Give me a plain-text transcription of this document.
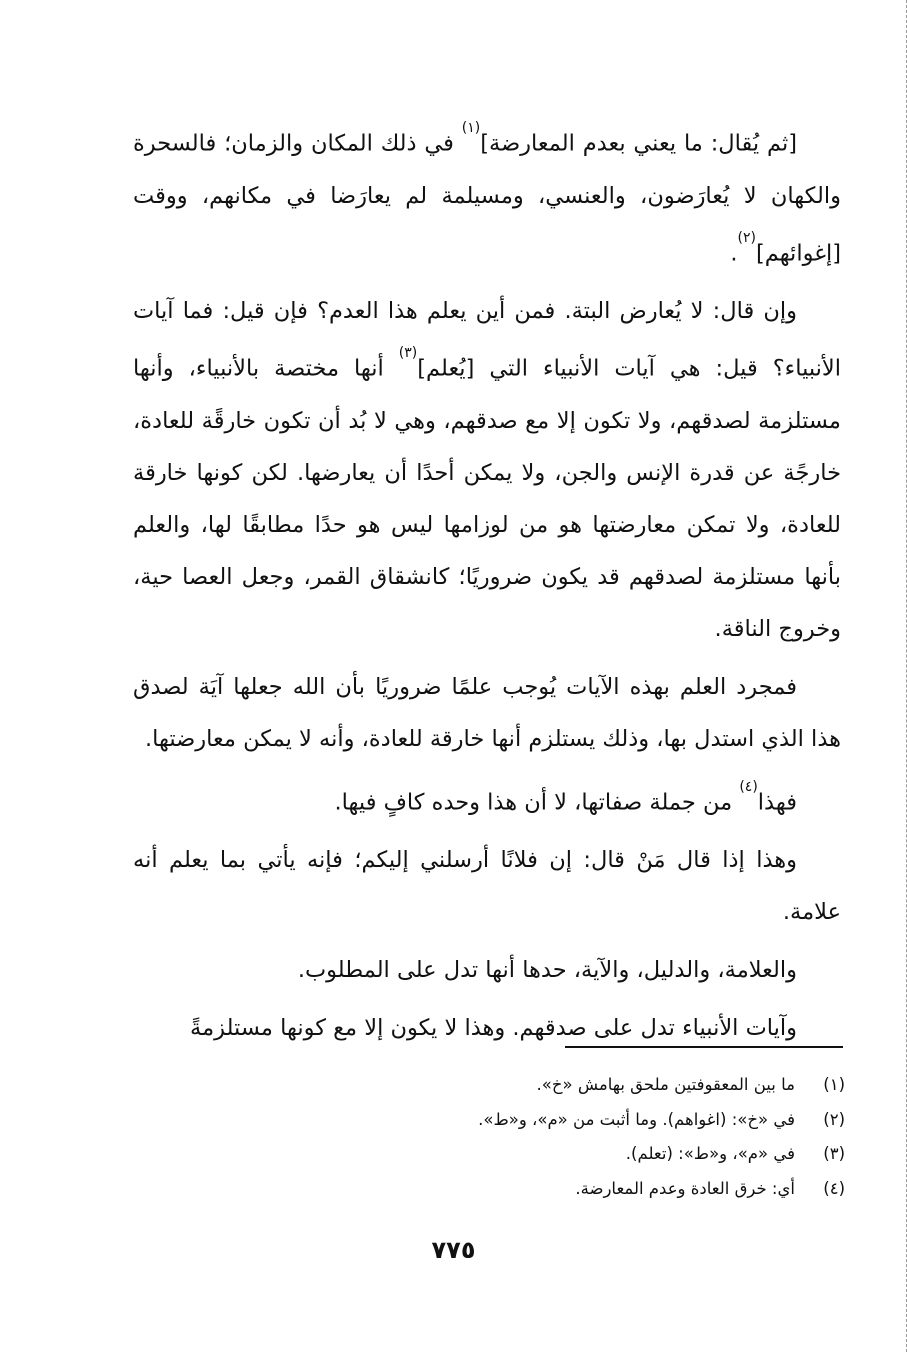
[ثم يُقال: ما يعني بعدم المعارضة]$^{(١)}$ في ذلك المكان والزمان؛ فالسحرة والكهان لا يُعارَضون، والعنسي، ومسيلمة لم يعارَضا في مكانهم، ووقت [إغوائهم]$^{(٢)}$.

وإن قال: لا يُعارض البتة. فمن أين يعلم هذا العدم؟ فإن قيل: فما آيات الأنبياء؟ قيل: هي آيات الأنبياء التي [يُعلم]$^{(٣)}$ أنها مختصة بالأنبياء، وأنها مستلزمة لصدقهم، ولا تكون إلا مع صدقهم، وهي لا بُد أن تكون خارقًة للعادة، خارجًة عن قدرة الإنس والجن، ولا يمكن أحدًا أن يعارضها. لكن كونها خارقة للعادة، ولا تمكن معارضتها هو من لوزامها ليس هو حدًا مطابقًا لها، والعلم بأنها مستلزمة لصدقهم قد يكون ضروريًا؛ كانشقاق القمر، وجعل العصا حية، وخروج الناقة.

فمجرد العلم بهذه الآيات يُوجب علمًا ضروريًا بأن الله جعلها آيَة لصدق هذا الذي استدل بها، وذلك يستلزم أنها خارقة للعادة، وأنه لا يمكن معارضتها.

فهذا$^{(٤)}$ من جملة صفاتها، لا أن هذا وحده كافٍ فيها.

وهذا إذا قال مَنْ قال: إن فلانًا أرسلني إليكم؛ فإنه يأتي بما يعلم أنه علامة.

والعلامة، والدليل، والآية، حدها أنها تدل على المطلوب.

وآيات الأنبياء تدل على صدقهم. وهذا لا يكون إلا مع كونها مستلزمةً

(١)
ما بين المعقوفتين ملحق بهامش «خ».
(٢)
في «خ»: (اغواهم). وما أثبت من «م»، و«ط».
(٣)
في «م»، و«ط»: (تعلم).
(٤)
أي: خرق العادة وعدم المعارضة.
٧٧٥
